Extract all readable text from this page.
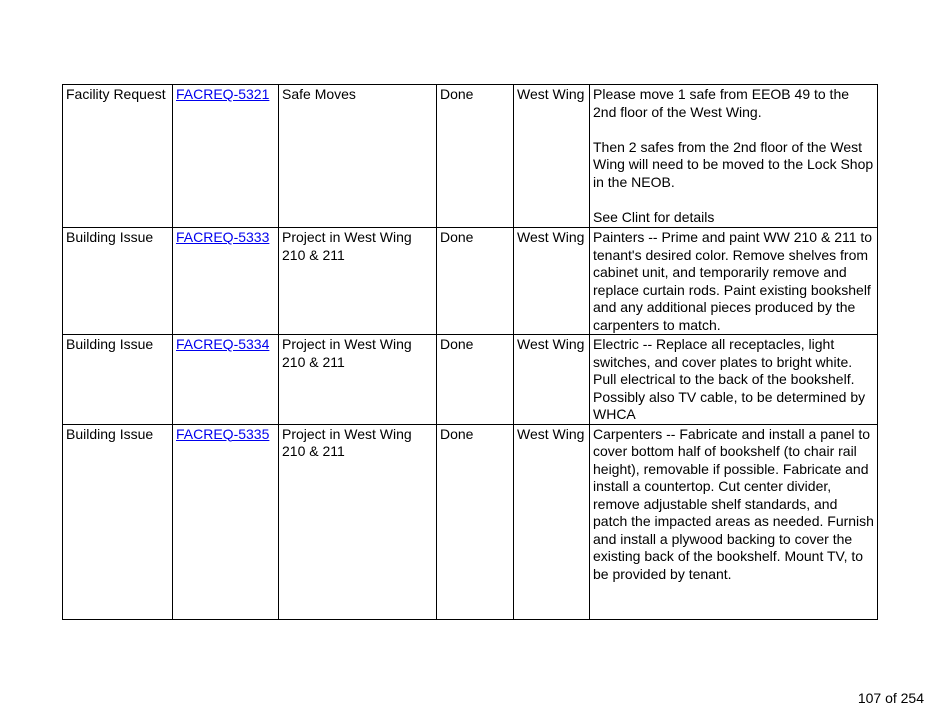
Facility Request	FACREQ-5321	Safe Moves	Done	West Wing	Please move 1 safe from EEOB 49 to the 2nd floor of the West Wing.
Then 2 safes from the 2nd floor of the West Wing will need to be moved to the Lock Shop in the NEOB.
See Clint for details

Building Issue	FACREQ-5333	Project in West Wing 210 & 211	Done	West Wing	Painters -- Prime and paint WW 210 & 211 to tenant's desired color. Remove shelves from cabinet unit, and temporarily remove and replace curtain rods. Paint existing bookshelf and any additional pieces produced by the carpenters to match.

Building Issue	FACREQ-5334	Project in West Wing 210 & 211	Done	West Wing	Electric -- Replace all receptacles, light switches, and cover plates to bright white. Pull electrical to the back of the bookshelf. Possibly also TV cable, to be determined by WHCA

Building Issue	FACREQ-5335	Project in West Wing 210 & 211	Done	West Wing	Carpenters -- Fabricate and install a panel to cover bottom half of bookshelf (to chair rail height), removable if possible. Fabricate and install a countertop. Cut center divider, remove adjustable shelf standards, and patch the impacted areas as needed. Furnish and install a plywood backing to cover the existing back of the bookshelf. Mount TV, to be provided by tenant.
107 of 254
